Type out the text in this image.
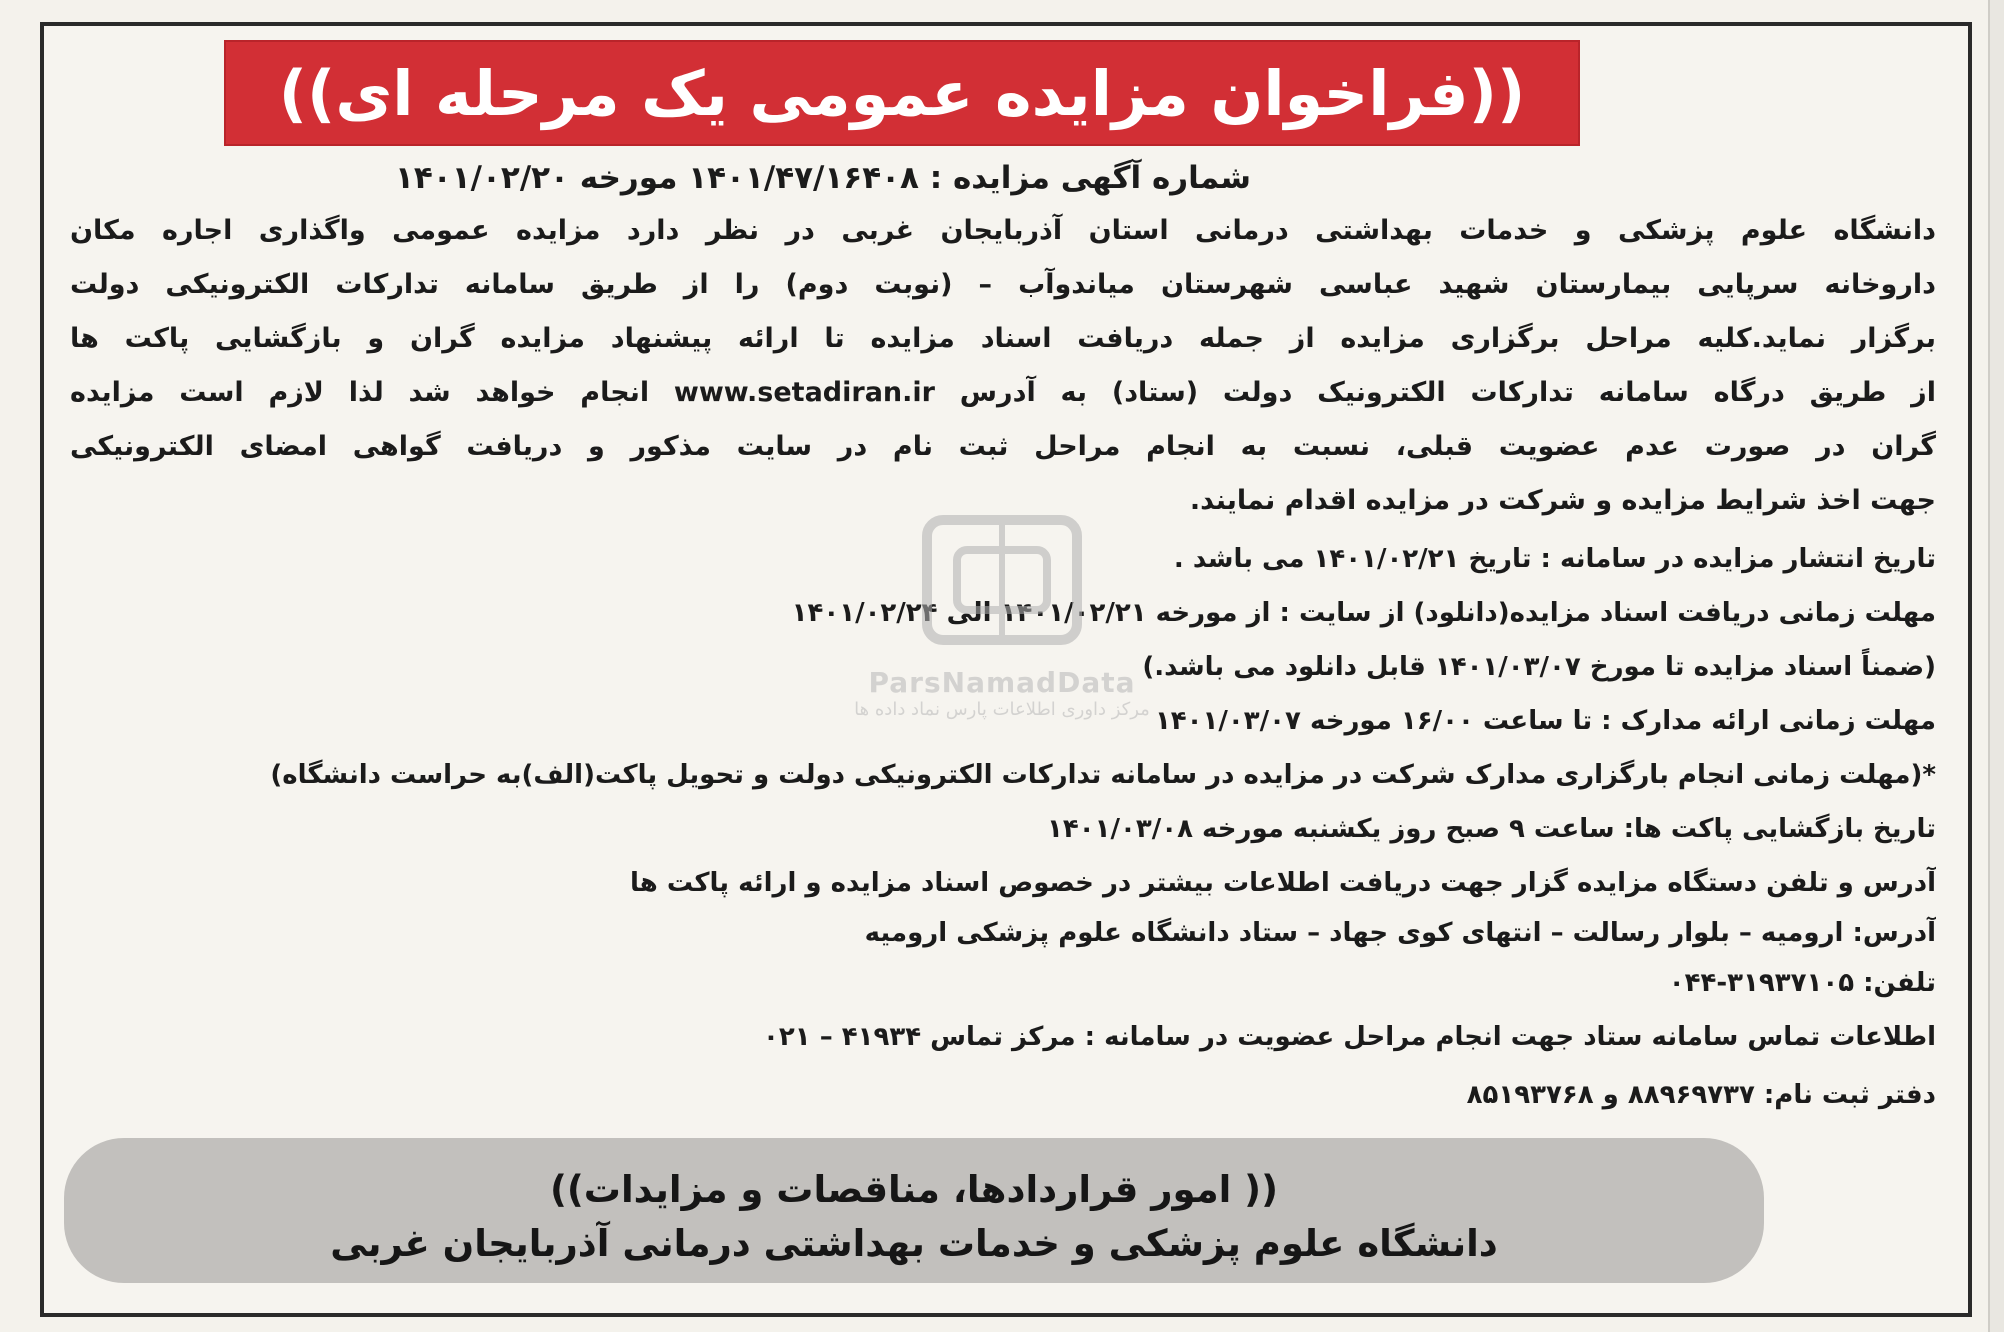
((فراخوان مزایده عمومی یک مرحله ای))
شماره آگهی مزایده : ۱۴۰۱/۴۷/۱۶۴۰۸ مورخه ۱۴۰۱/۰۲/۲۰
دانشگاه علوم پزشکی و خدمات بهداشتی درمانی استان آذربایجان غربی در نظر دارد مزایده عمومی واگذاری اجاره مکان
داروخانه سرپایی بیمارستان شهید عباسی شهرستان میاندوآب – (نوبت دوم) را از طریق سامانه تدارکات الکترونیکی دولت
برگزار نماید.کلیه مراحل برگزاری مزایده از جمله دریافت اسناد مزایده تا ارائه پیشنهاد مزایده گران و بازگشایی پاکت ها
از طریق درگاه سامانه تدارکات الکترونیک دولت (ستاد) به آدرس www.setadiran.ir انجام خواهد شد لذا لازم است مزایده
گران در صورت عدم عضویت قبلی، نسبت به انجام مراحل ثبت نام در سایت مذکور و دریافت گواهی امضای الکترونیکی
جهت اخذ شرایط مزایده و شرکت در مزایده اقدام نمایند.
تاریخ انتشار مزایده در سامانه : تاریخ ۱۴۰۱/۰۲/۲۱ می باشد .
مهلت زمانی دریافت اسناد مزایده(دانلود) از سایت : از مورخه ۱۴۰۱/۰۲/۲۱ الی ۱۴۰۱/۰۲/۲۴
(ضمناً اسناد مزایده تا مورخ ۱۴۰۱/۰۳/۰۷ قابل دانلود می باشد.)
مهلت زمانی ارائه مدارک : تا ساعت ۱۶/۰۰ مورخه ۱۴۰۱/۰۳/۰۷
*(مهلت زمانی انجام بارگزاری مدارک شرکت در مزایده در سامانه تدارکات الکترونیکی دولت و تحویل پاکت(الف)به حراست دانشگاه)
تاریخ بازگشایی پاکت ها: ساعت ۹ صبح روز یکشنبه مورخه ۱۴۰۱/۰۳/۰۸
آدرس و تلفن دستگاه مزایده گزار جهت دریافت اطلاعات بیشتر در خصوص اسناد مزایده و ارائه پاکت ها
آدرس: ارومیه – بلوار رسالت – انتهای کوی جهاد – ستاد دانشگاه علوم پزشکی ارومیه
تلفن: ۳۱۹۳۷۱۰۵-۰۴۴
اطلاعات تماس سامانه ستاد جهت انجام مراحل عضویت در سامانه : مرکز تماس ۴۱۹۳۴ – ۰۲۱
دفتر ثبت نام: ۸۸۹۶۹۷۳۷ و ۸۵۱۹۳۷۶۸
ParsNamadData
مرکز داوری اطلاعات پارس نماد داده ها
(( امور قراردادها، مناقصات و مزایدات))
دانشگاه علوم پزشکی و خدمات بهداشتی درمانی آذربایجان غربی
